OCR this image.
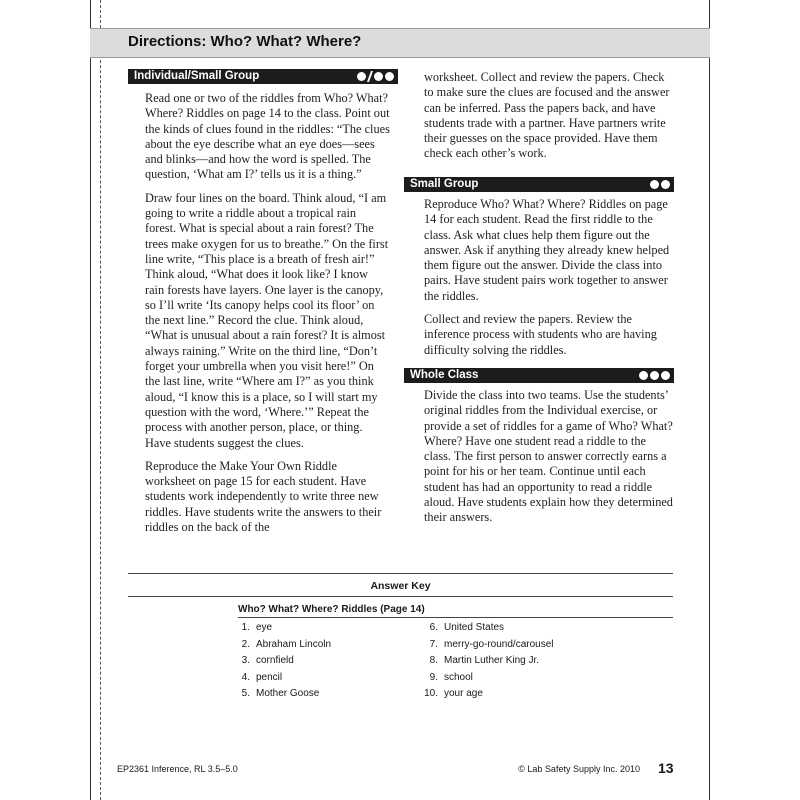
Directions: Who? What? Where?
Individual/Small Group

Read one or two of the riddles from Who? What? Where? Riddles on page 14 to the class. Point out the kinds of clues found in the riddles: “The clues about the eye describe what an eye does—sees and blinks—and how the word is spelled. The question, ‘What am I?’ tells us it is a thing.”

Draw four lines on the board. Think aloud, “I am going to write a riddle about a tropical rain forest. What is special about a rain forest? The trees make oxygen for us to breathe.” On the first line write, “This place is a breath of fresh air!” Think aloud, “What does it look like? I know rain forests have layers. One layer is the canopy, so I’ll write ‘Its canopy helps cool its floor’ on the next line.” Record the clue. Think aloud, “What is unusual about a rain forest? It is almost always raining.” Write on the third line, “Don’t forget your umbrella when you visit here!” On the last line, write “Where am I?” as you think aloud, “I know this is a place, so I will start my question with the word, ‘Where.’” Repeat the process with another person, place, or thing. Have students suggest the clues.

Reproduce the Make Your Own Riddle worksheet on page 15 for each student. Have students work independently to write three new riddles. Have students write the answers to their riddles on the back of the

worksheet. Collect and review the papers. Check to make sure the clues are focused and the answer can be inferred. Pass the papers back, and have students trade with a partner. Have partners write their guesses on the space provided. Have them check each other’s work.

Small Group

Reproduce Who? What? Where? Riddles on page 14 for each student. Read the first riddle to the class. Ask what clues help them figure out the answer. Ask if anything they already knew helped them figure out the answer. Divide the class into pairs. Have student pairs work together to answer the riddles.

Collect and review the papers. Review the inference process with students who are having difficulty solving the riddles.

Whole Class

Divide the class into two teams. Use the students’ original riddles from the Individual exercise, or provide a set of riddles for a game of Who? What? Where? Have one student read a riddle to the class. The first person to answer correctly earns a point for his or her team. Continue until each student has had an opportunity to read a riddle aloud. Have students explain how they determined their answers.

Answer Key
Who? What? Where? Riddles (Page 14)
1. eye
2. Abraham Lincoln
3. cornfield
4. pencil
5. Mother Goose
6. United States
7. merry-go-round/carousel
8. Martin Luther King Jr.
9. school
10. your age
EP2361 Inference, RL 3.5–5.0	© Lab Safety Supply Inc. 2010 13
